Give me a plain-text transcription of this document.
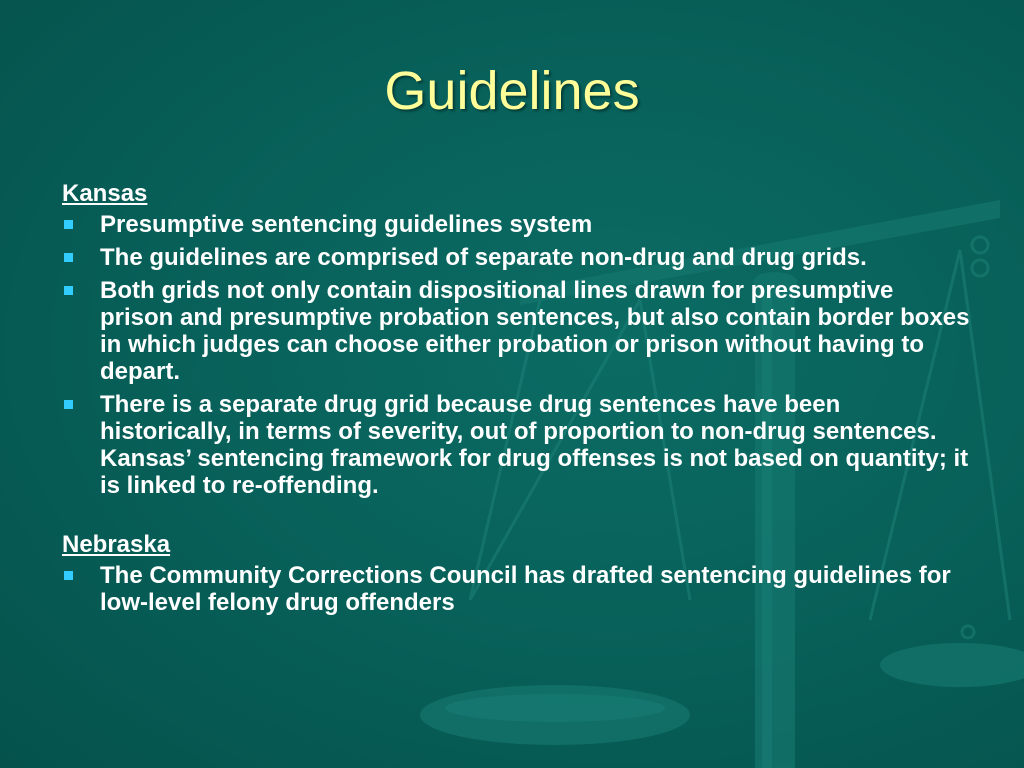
Guidelines
Kansas
Presumptive sentencing guidelines system
The guidelines are comprised of separate non-drug and drug grids.
Both grids not only contain dispositional lines drawn for presumptive prison and presumptive probation sentences, but also contain border boxes in which judges can choose either probation or prison without having to depart.
There is a separate drug grid because drug sentences have been historically, in terms of severity, out of proportion to non-drug sentences. Kansas’ sentencing framework for drug offenses is not based on quantity; it is linked to re-offending.
Nebraska
The Community Corrections Council has drafted sentencing guidelines for low-level felony drug offenders
